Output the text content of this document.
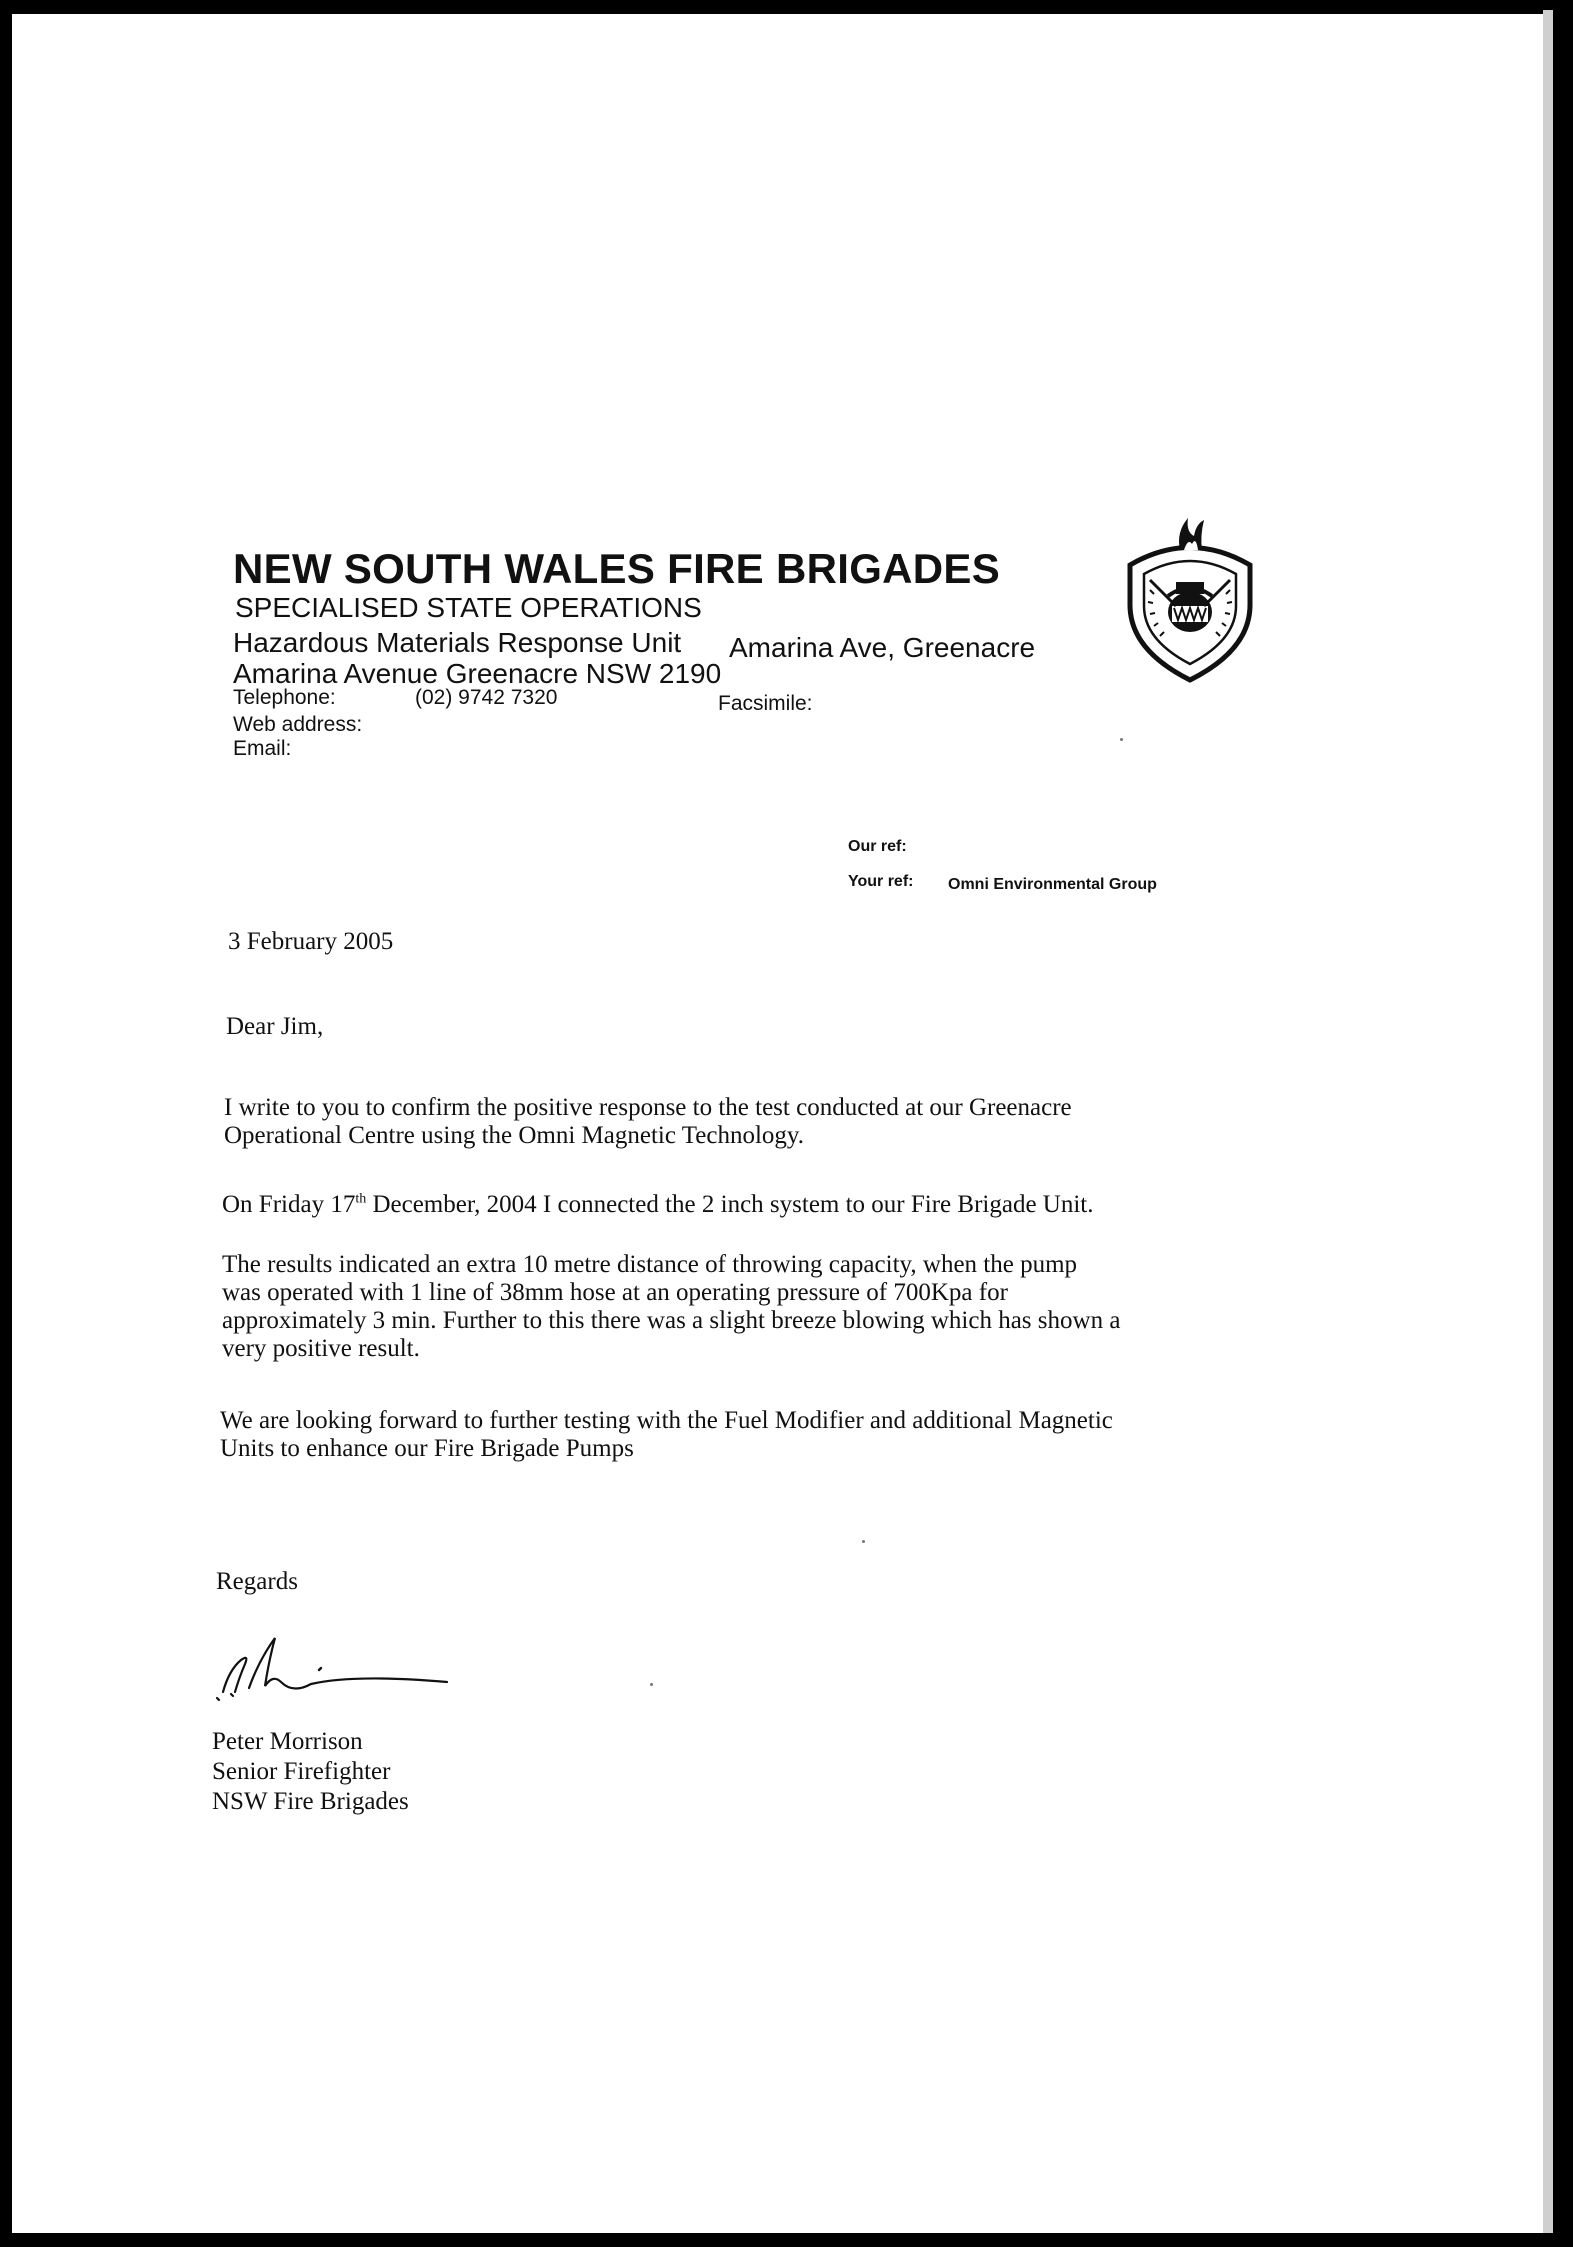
NEW SOUTH WALES FIRE BRIGADES
SPECIALISED STATE OPERATIONS
Hazardous Materials Response Unit Amarina Ave, Greenacre
Amarina Avenue Greenacre NSW 2190
Telephone:	(02) 9742 7320	Facsimile:
Web address:
Email:
Our ref:
Your ref: Omni Environmental Group
3 February 2005
Dear Jim,
I write to you to confirm the positive response to the test conducted at our Greenacre
Operational Centre using the Omni Magnetic Technology.
On Friday 17th December, 2004 I connected the 2 inch system to our Fire Brigade Unit.
The results indicated an extra 10 metre distance of throwing capacity, when the pump
was operated with 1 line of 38mm hose at an operating pressure of 700Kpa for
approximately 3 min. Further to this there was a slight breeze blowing which has shown a
very positive result.
We are looking forward to further testing with the Fuel Modifier and additional Magnetic
Units to enhance our Fire Brigade Pumps
Regards
Peter Morrison
Senior Firefighter
NSW Fire Brigades
